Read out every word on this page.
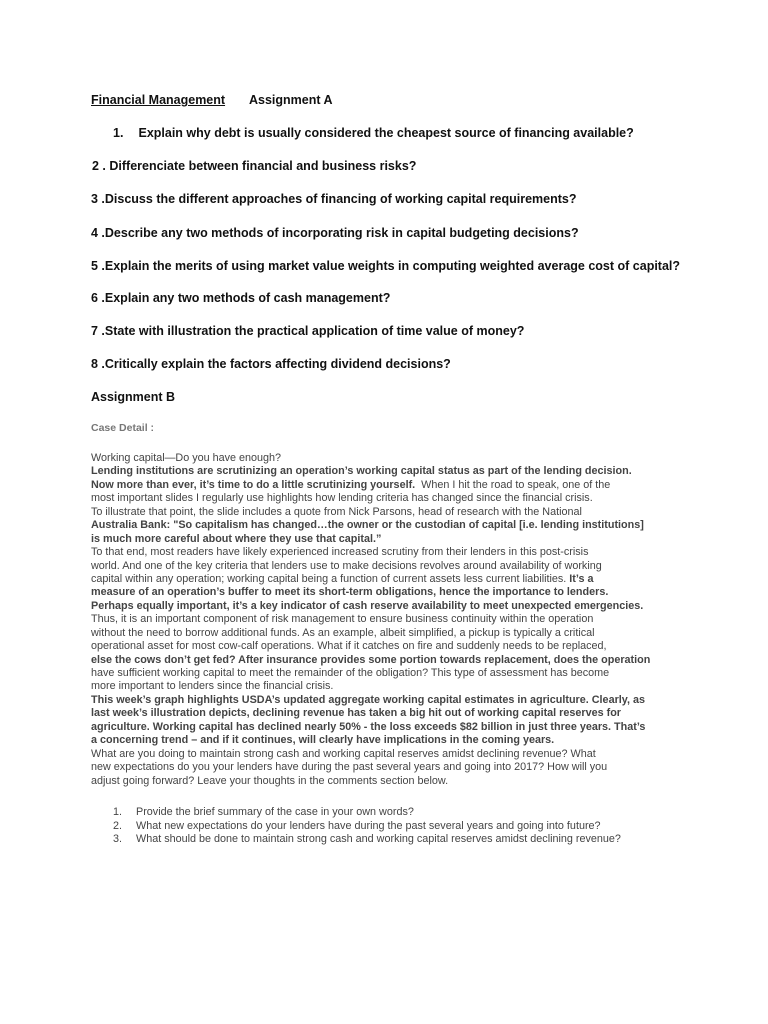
Financial Management Assignment A
1. Explain why debt is usually considered the cheapest source of financing available?
2 . Differenciate between financial and business risks?
3 .Discuss the different approaches of financing of working capital requirements?
4 .Describe any two methods of incorporating risk in capital budgeting decisions?
5 .Explain the merits of using market value weights in computing weighted average cost of capital?
6 .Explain any two methods of cash management?
7 .State with illustration the practical application of time value of money?
8 .Critically explain the factors affecting dividend decisions?
Assignment B
Case Detail :
Working capital—Do you have enough?
Lending institutions are scrutinizing an operation’s working capital status as part of the lending decision.
Now more than ever, it’s time to do a little scrutinizing yourself.  When I hit the road to speak, one of the
most important slides I regularly use highlights how lending criteria has changed since the financial crisis.
To illustrate that point, the slide includes a quote from Nick Parsons, head of research with the National
Australia Bank: "So capitalism has changed…the owner or the custodian of capital [i.e. lending institutions]
is much more careful about where they use that capital.”
To that end, most readers have likely experienced increased scrutiny from their lenders in this post-crisis
world. And one of the key criteria that lenders use to make decisions revolves around availability of working
capital within any operation; working capital being a function of current assets less current liabilities. It’s a
measure of an operation’s buffer to meet its short-term obligations, hence the importance to lenders.
Perhaps equally important, it’s a key indicator of cash reserve availability to meet unexpected emergencies.
Thus, it is an important component of risk management to ensure business continuity within the operation
without the need to borrow additional funds. As an example, albeit simplified, a pickup is typically a critical
operational asset for most cow-calf operations. What if it catches on fire and suddenly needs to be replaced,
else the cows don’t get fed? After insurance provides some portion towards replacement, does the operation
have sufficient working capital to meet the remainder of the obligation? This type of assessment has become
more important to lenders since the financial crisis.
This week’s graph highlights USDA’s updated aggregate working capital estimates in agriculture. Clearly, as
last week’s illustration depicts, declining revenue has taken a big hit out of working capital reserves for
agriculture. Working capital has declined nearly 50% - the loss exceeds $82 billion in just three years. That’s
a concerning trend – and if it continues, will clearly have implications in the coming years.
What are you doing to maintain strong cash and working capital reserves amidst declining revenue? What
new expectations do you your lenders have during the past several years and going into 2017? How will you
adjust going forward? Leave your thoughts in the comments section below.
1.	Provide the brief summary of the case in your own words?
2.	What new expectations do your lenders have during the past several years and going into future?
3.	What should be done to maintain strong cash and working capital reserves amidst declining revenue?
